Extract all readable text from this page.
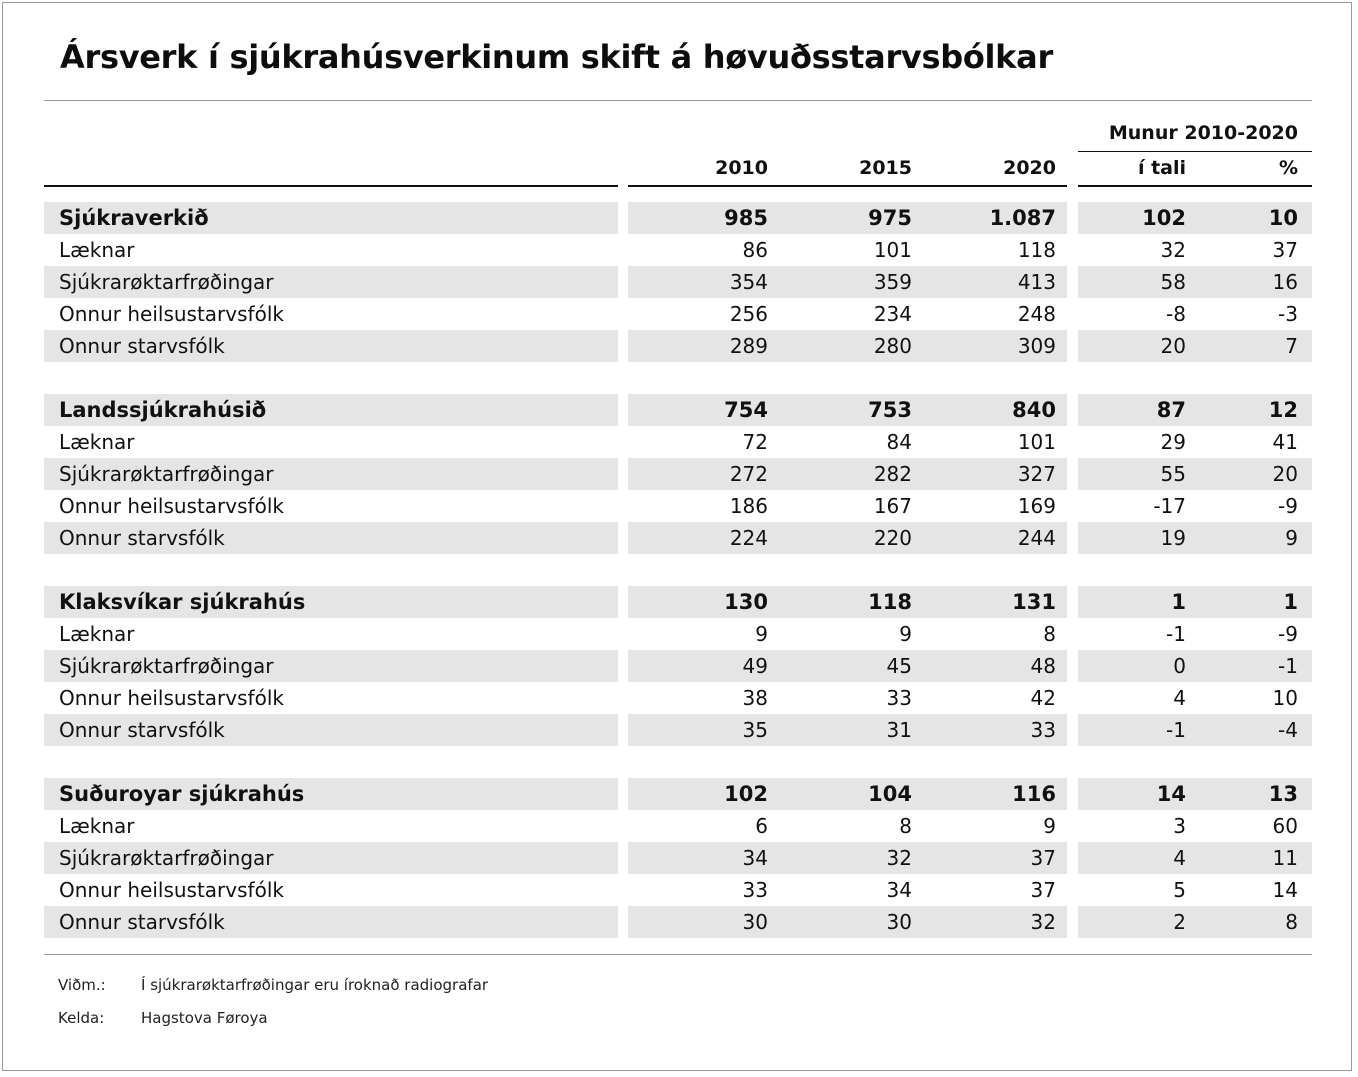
Ársverk í sjúkrahúsverkinum skift á høvuðsstarvsbólkar
Munur 2010-2020
2010	2015	2020	í tali	%
Sjúkraverkið	985	975	1.087	102	10
Læknar	86	101	118	32	37
Sjúkrarøktarfrøðingar	354	359	413	58	16
Onnur heilsustarvsfólk	256	234	248	-8	-3
Onnur starvsfólk	289	280	309	20	7
Landssjúkrahúsið	754	753	840	87	12
Læknar	72	84	101	29	41
Sjúkrarøktarfrøðingar	272	282	327	55	20
Onnur heilsustarvsfólk	186	167	169	-17	-9
Onnur starvsfólk	224	220	244	19	9
Klaksvíkar sjúkrahús	130	118	131	1	1
Læknar	9	9	8	-1	-9
Sjúkrarøktarfrøðingar	49	45	48	0	-1
Onnur heilsustarvsfólk	38	33	42	4	10
Onnur starvsfólk	35	31	33	-1	-4
Suðuroyar sjúkrahús	102	104	116	14	13
Læknar	6	8	9	3	60
Sjúkrarøktarfrøðingar	34	32	37	4	11
Onnur heilsustarvsfólk	33	34	37	5	14
Onnur starvsfólk	30	30	32	2	8
Viðm.: Í sjúkrarøktarfrøðingar eru íroknað radiografar
Kelda: Hagstova Føroya
